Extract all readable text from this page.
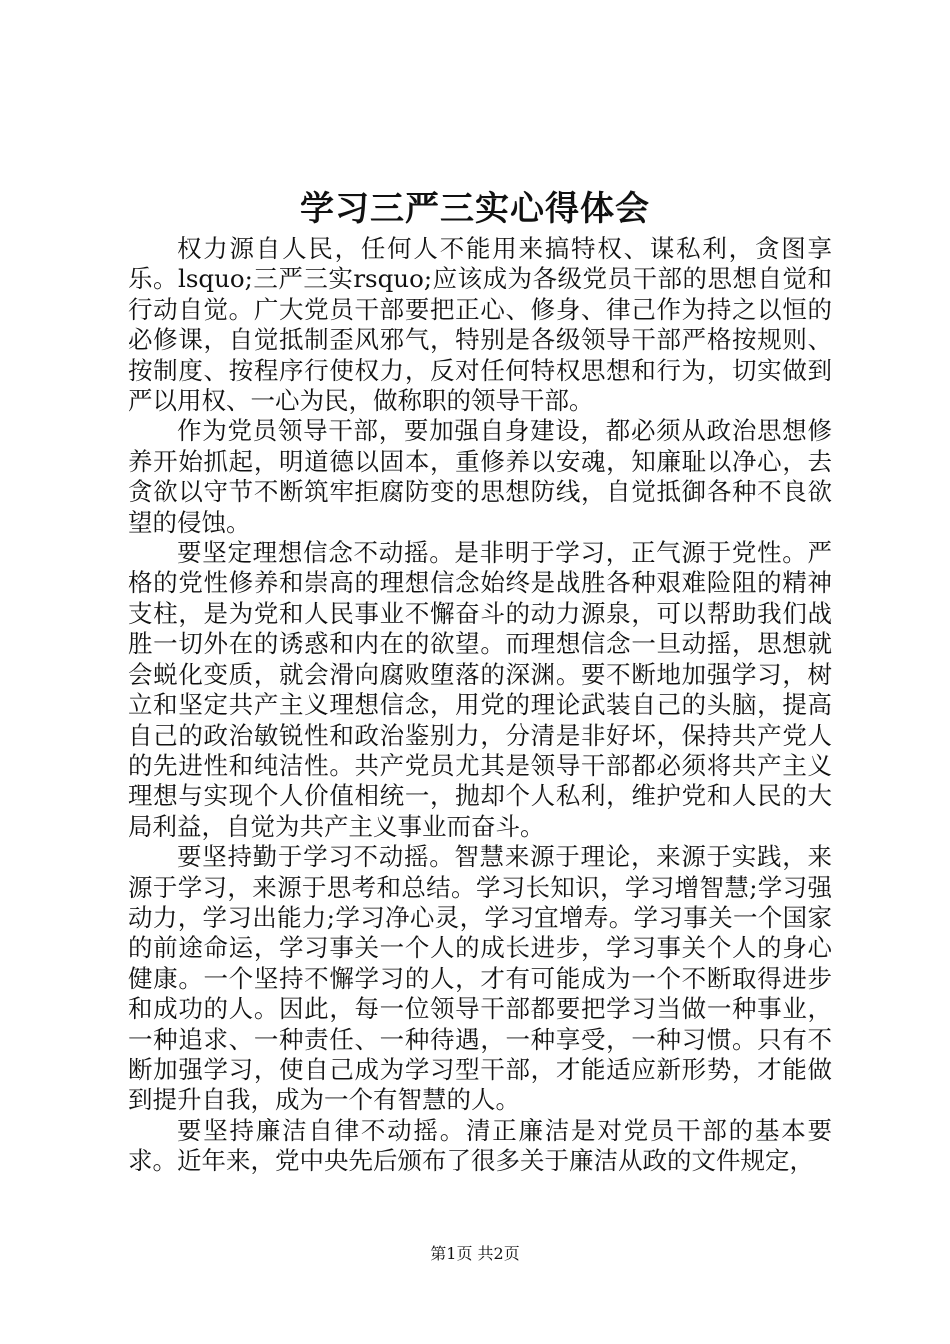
学习三严三实心得体会

权力源自人民，任何人不能用来搞特权、谋私利，贪图享乐。lsquo;三严三实rsquo;应该成为各级党员干部的思想自觉和行动自觉。广大党员干部要把正心、修身、律己作为持之以恒的必修课，自觉抵制歪风邪气，特别是各级领导干部严格按规则、按制度、按程序行使权力，反对任何特权思想和行为，切实做到严以用权、一心为民，做称职的领导干部。

作为党员领导干部，要加强自身建设，都必须从政治思想修养开始抓起，明道德以固本，重修养以安魂，知廉耻以净心，去贪欲以守节不断筑牢拒腐防变的思想防线，自觉抵御各种不良欲望的侵蚀。

要坚定理想信念不动摇。是非明于学习，正气源于党性。严格的党性修养和崇高的理想信念始终是战胜各种艰难险阻的精神支柱，是为党和人民事业不懈奋斗的动力源泉，可以帮助我们战胜一切外在的诱惑和内在的欲望。而理想信念一旦动摇，思想就会蜕化变质，就会滑向腐败堕落的深渊。要不断地加强学习，树立和坚定共产主义理想信念，用党的理论武装自己的头脑，提高自己的政治敏锐性和政治鉴别力，分清是非好坏，保持共产党人的先进性和纯洁性。共产党员尤其是领导干部都必须将共产主义理想与实现个人价值相统一，抛却个人私利，维护党和人民的大局利益，自觉为共产主义事业而奋斗。

要坚持勤于学习不动摇。智慧来源于理论，来源于实践，来源于学习，来源于思考和总结。学习长知识，学习增智慧;学习强动力，学习出能力;学习净心灵，学习宜增寿。学习事关一个国家的前途命运，学习事关一个人的成长进步，学习事关个人的身心健康。一个坚持不懈学习的人，才有可能成为一个不断取得进步和成功的人。因此，每一位领导干部都要把学习当做一种事业，一种追求、一种责任、一种待遇，一种享受，一种习惯。只有不断加强学习，使自己成为学习型干部，才能适应新形势，才能做到提升自我，成为一个有智慧的人。

要坚持廉洁自律不动摇。清正廉洁是对党员干部的基本要求。近年来，党中央先后颁布了很多关于廉洁从政的文件规定，

第1页 共2页
